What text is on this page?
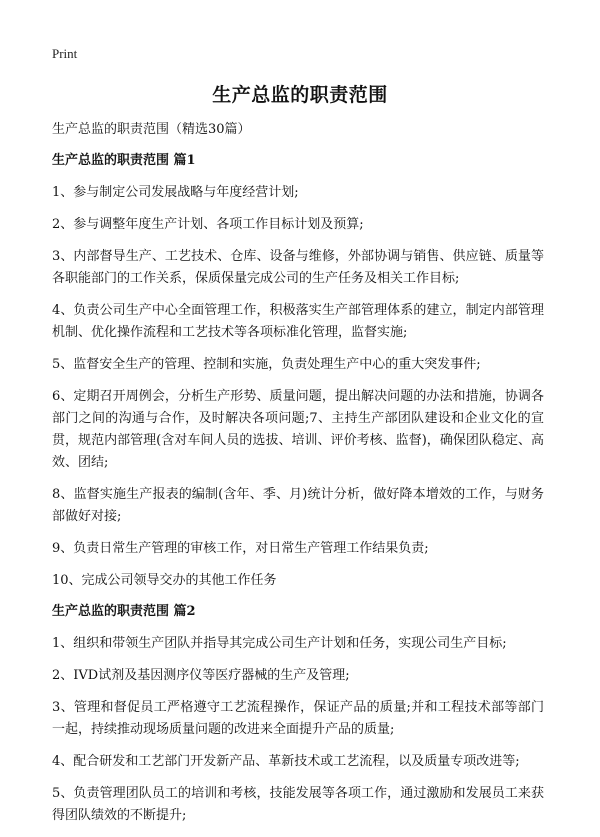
Print
生产总监的职责范围

生产总监的职责范围（精选30篇）

生产总监的职责范围 篇1

1、参与制定公司发展战略与年度经营计划;

2、参与调整年度生产计划、各项工作目标计划及预算;

3、内部督导生产、工艺技术、仓库、设备与维修，外部协调与销售、供应链、质量等各职能部门的工作关系，保质保量完成公司的生产任务及相关工作目标;

4、负责公司生产中心全面管理工作，积极落实生产部管理体系的建立，制定内部管理机制、优化操作流程和工艺技术等各项标准化管理，监督实施;

5、监督安全生产的管理、控制和实施，负责处理生产中心的重大突发事件;

6、定期召开周例会，分析生产形势、质量问题，提出解决问题的办法和措施，协调各部门之间的沟通与合作，及时解决各项问题;7、主持生产部团队建设和企业文化的宣贯，规范内部管理(含对车间人员的选拔、培训、评价考核、监督)，确保团队稳定、高效、团结;

8、监督实施生产报表的编制(含年、季、月)统计分析，做好降本增效的工作，与财务部做好对接;

9、负责日常生产管理的审核工作，对日常生产管理工作结果负责;

10、完成公司领导交办的其他工作任务

生产总监的职责范围 篇2

1、组织和带领生产团队并指导其完成公司生产计划和任务，实现公司生产目标;

2、IVD试剂及基因测序仪等医疗器械的生产及管理;

3、管理和督促员工严格遵守工艺流程操作，保证产品的质量;并和工程技术部等部门一起，持续推动现场质量问题的改进来全面提升产品的质量;

4、配合研发和工艺部门开发新产品、革新技术或工艺流程，以及质量专项改进等;

5、负责管理团队员工的培训和考核，技能发展等各项工作，通过激励和发展员工来获得团队绩效的不断提升;
